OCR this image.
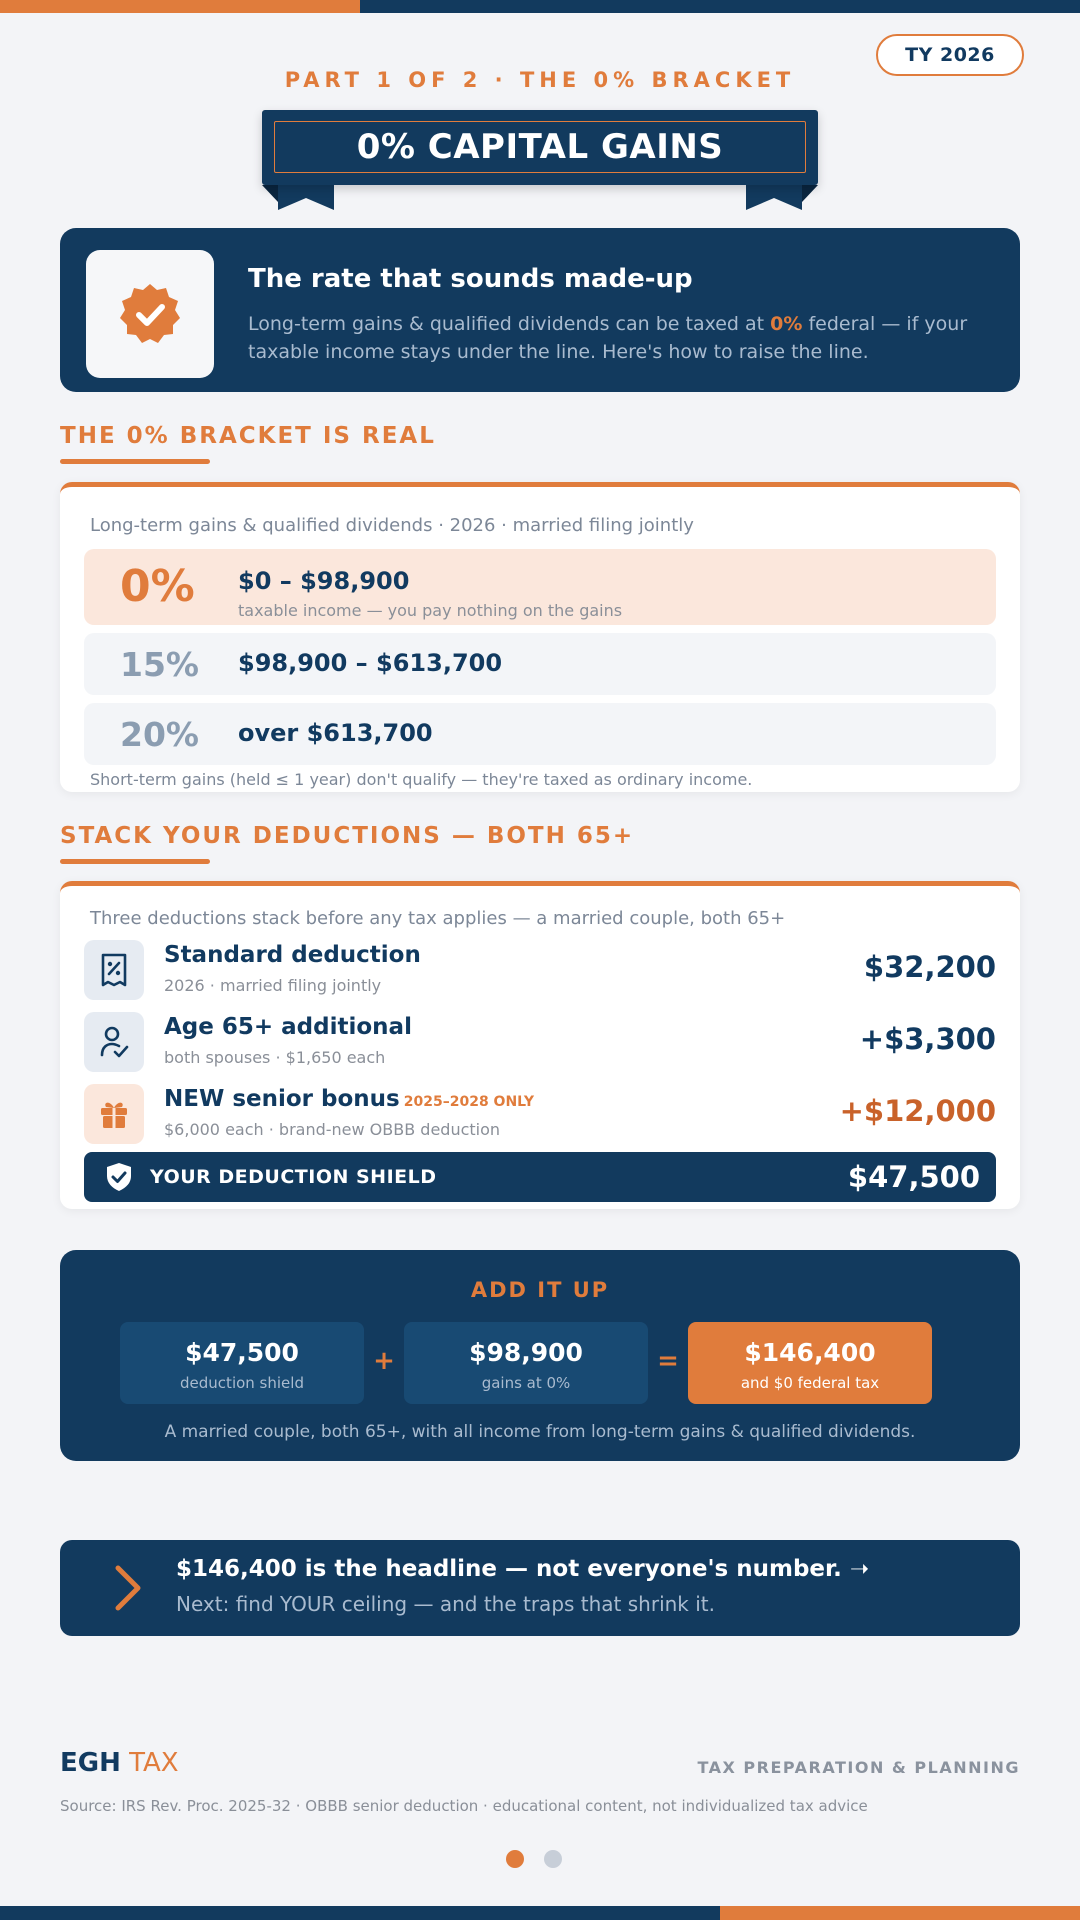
TY 2026
PART 1 OF 2 · THE 0% BRACKET
0% CAPITAL GAINS
The rate that sounds made-up
Long-term gains & qualified dividends can be taxed at 0% federal — if your taxable income stays under the line. Here's how to raise the line.
THE 0% BRACKET IS REAL
Long-term gains & qualified dividends · 2026 · married filing jointly
0% $0 – $98,900
taxable income — you pay nothing on the gains
15% $98,900 – $613,700
20% over $613,700
Short-term gains (held ≤ 1 year) don't qualify — they're taxed as ordinary income.
STACK YOUR DEDUCTIONS — BOTH 65+
Three deductions stack before any tax applies — a married couple, both 65+
Standard deduction
2026 · married filing jointly
$32,200
Age 65+ additional
both spouses · $1,650 each
+$3,300
NEW senior bonus 2025–2028 ONLY
$6,000 each · brand-new OBBB deduction
+$12,000
YOUR DEDUCTION SHIELD	$47,500
ADD IT UP
$47,500
deduction shield
+	$98,900
gains at 0%
=	$146,400
and $0 federal tax
A married couple, both 65+, with all income from long-term gains & qualified dividends.
$146,400 is the headline — not everyone's number. ➝
Next: find YOUR ceiling — and the traps that shrink it.
EGH TAX	TAX PREPARATION & PLANNING
Source: IRS Rev. Proc. 2025-32 · OBBB senior deduction · educational content, not individualized tax advice
